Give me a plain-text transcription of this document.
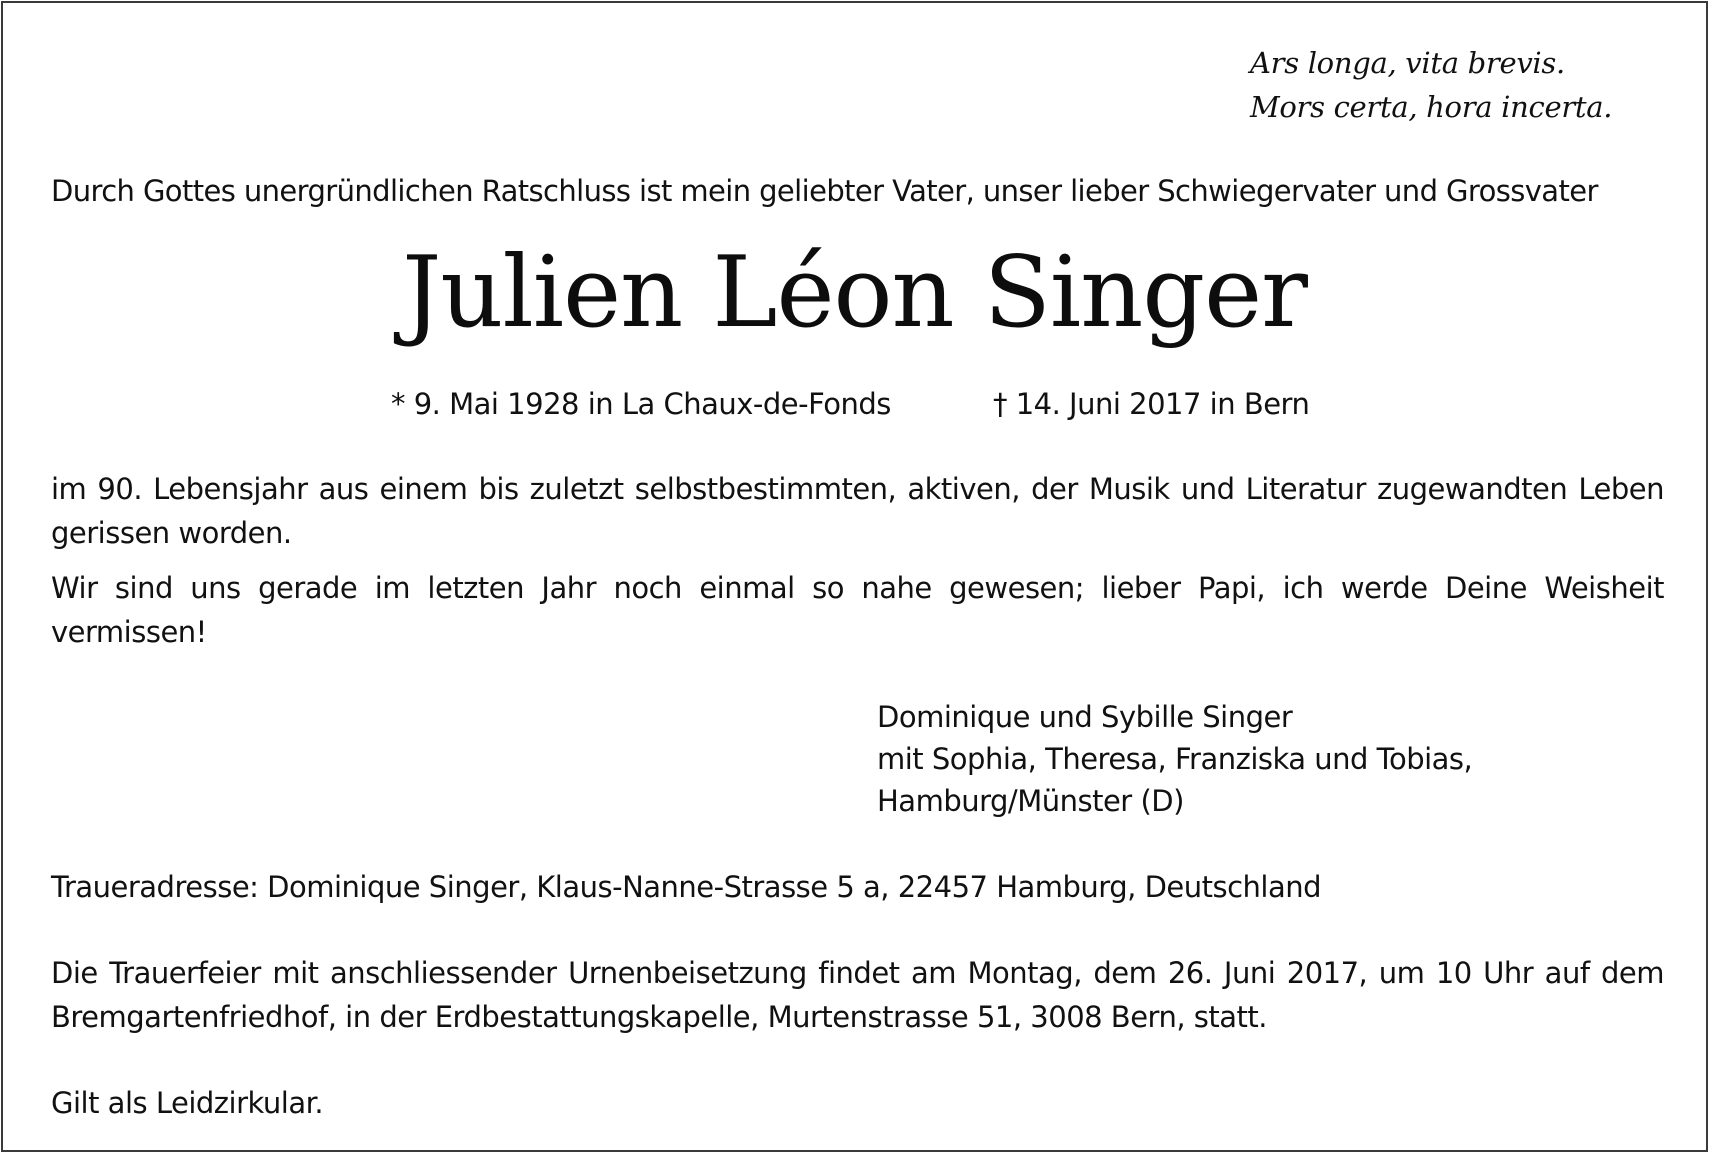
Ars longa, vita brevis.
Mors certa, hora incerta.
Durch Gottes unergründlichen Ratschluss ist mein geliebter Vater, unser lieber Schwiegervater und Grossvater
Julien Léon Singer
* 9. Mai 1928 in La Chaux-de-Fonds	† 14. Juni 2017 in Bern
im 90. Lebensjahr aus einem bis zuletzt selbstbestimmten, aktiven, der Musik und Literatur zugewandten Leben gerissen worden.
Wir sind uns gerade im letzten Jahr noch einmal so nahe gewesen; lieber Papi, ich werde Deine Weisheit vermissen!
Dominique und Sybille Singer
mit Sophia, Theresa, Franziska und Tobias,
Hamburg/Münster (D)
Traueradresse: Dominique Singer, Klaus-Nanne-Strasse 5 a, 22457 Hamburg, Deutschland
Die Trauerfeier mit anschliessender Urnenbeisetzung findet am Montag, dem 26. Juni 2017, um 10 Uhr auf dem Bremgartenfriedhof, in der Erdbestattungskapelle, Murtenstrasse 51, 3008 Bern, statt.
Gilt als Leidzirkular.
